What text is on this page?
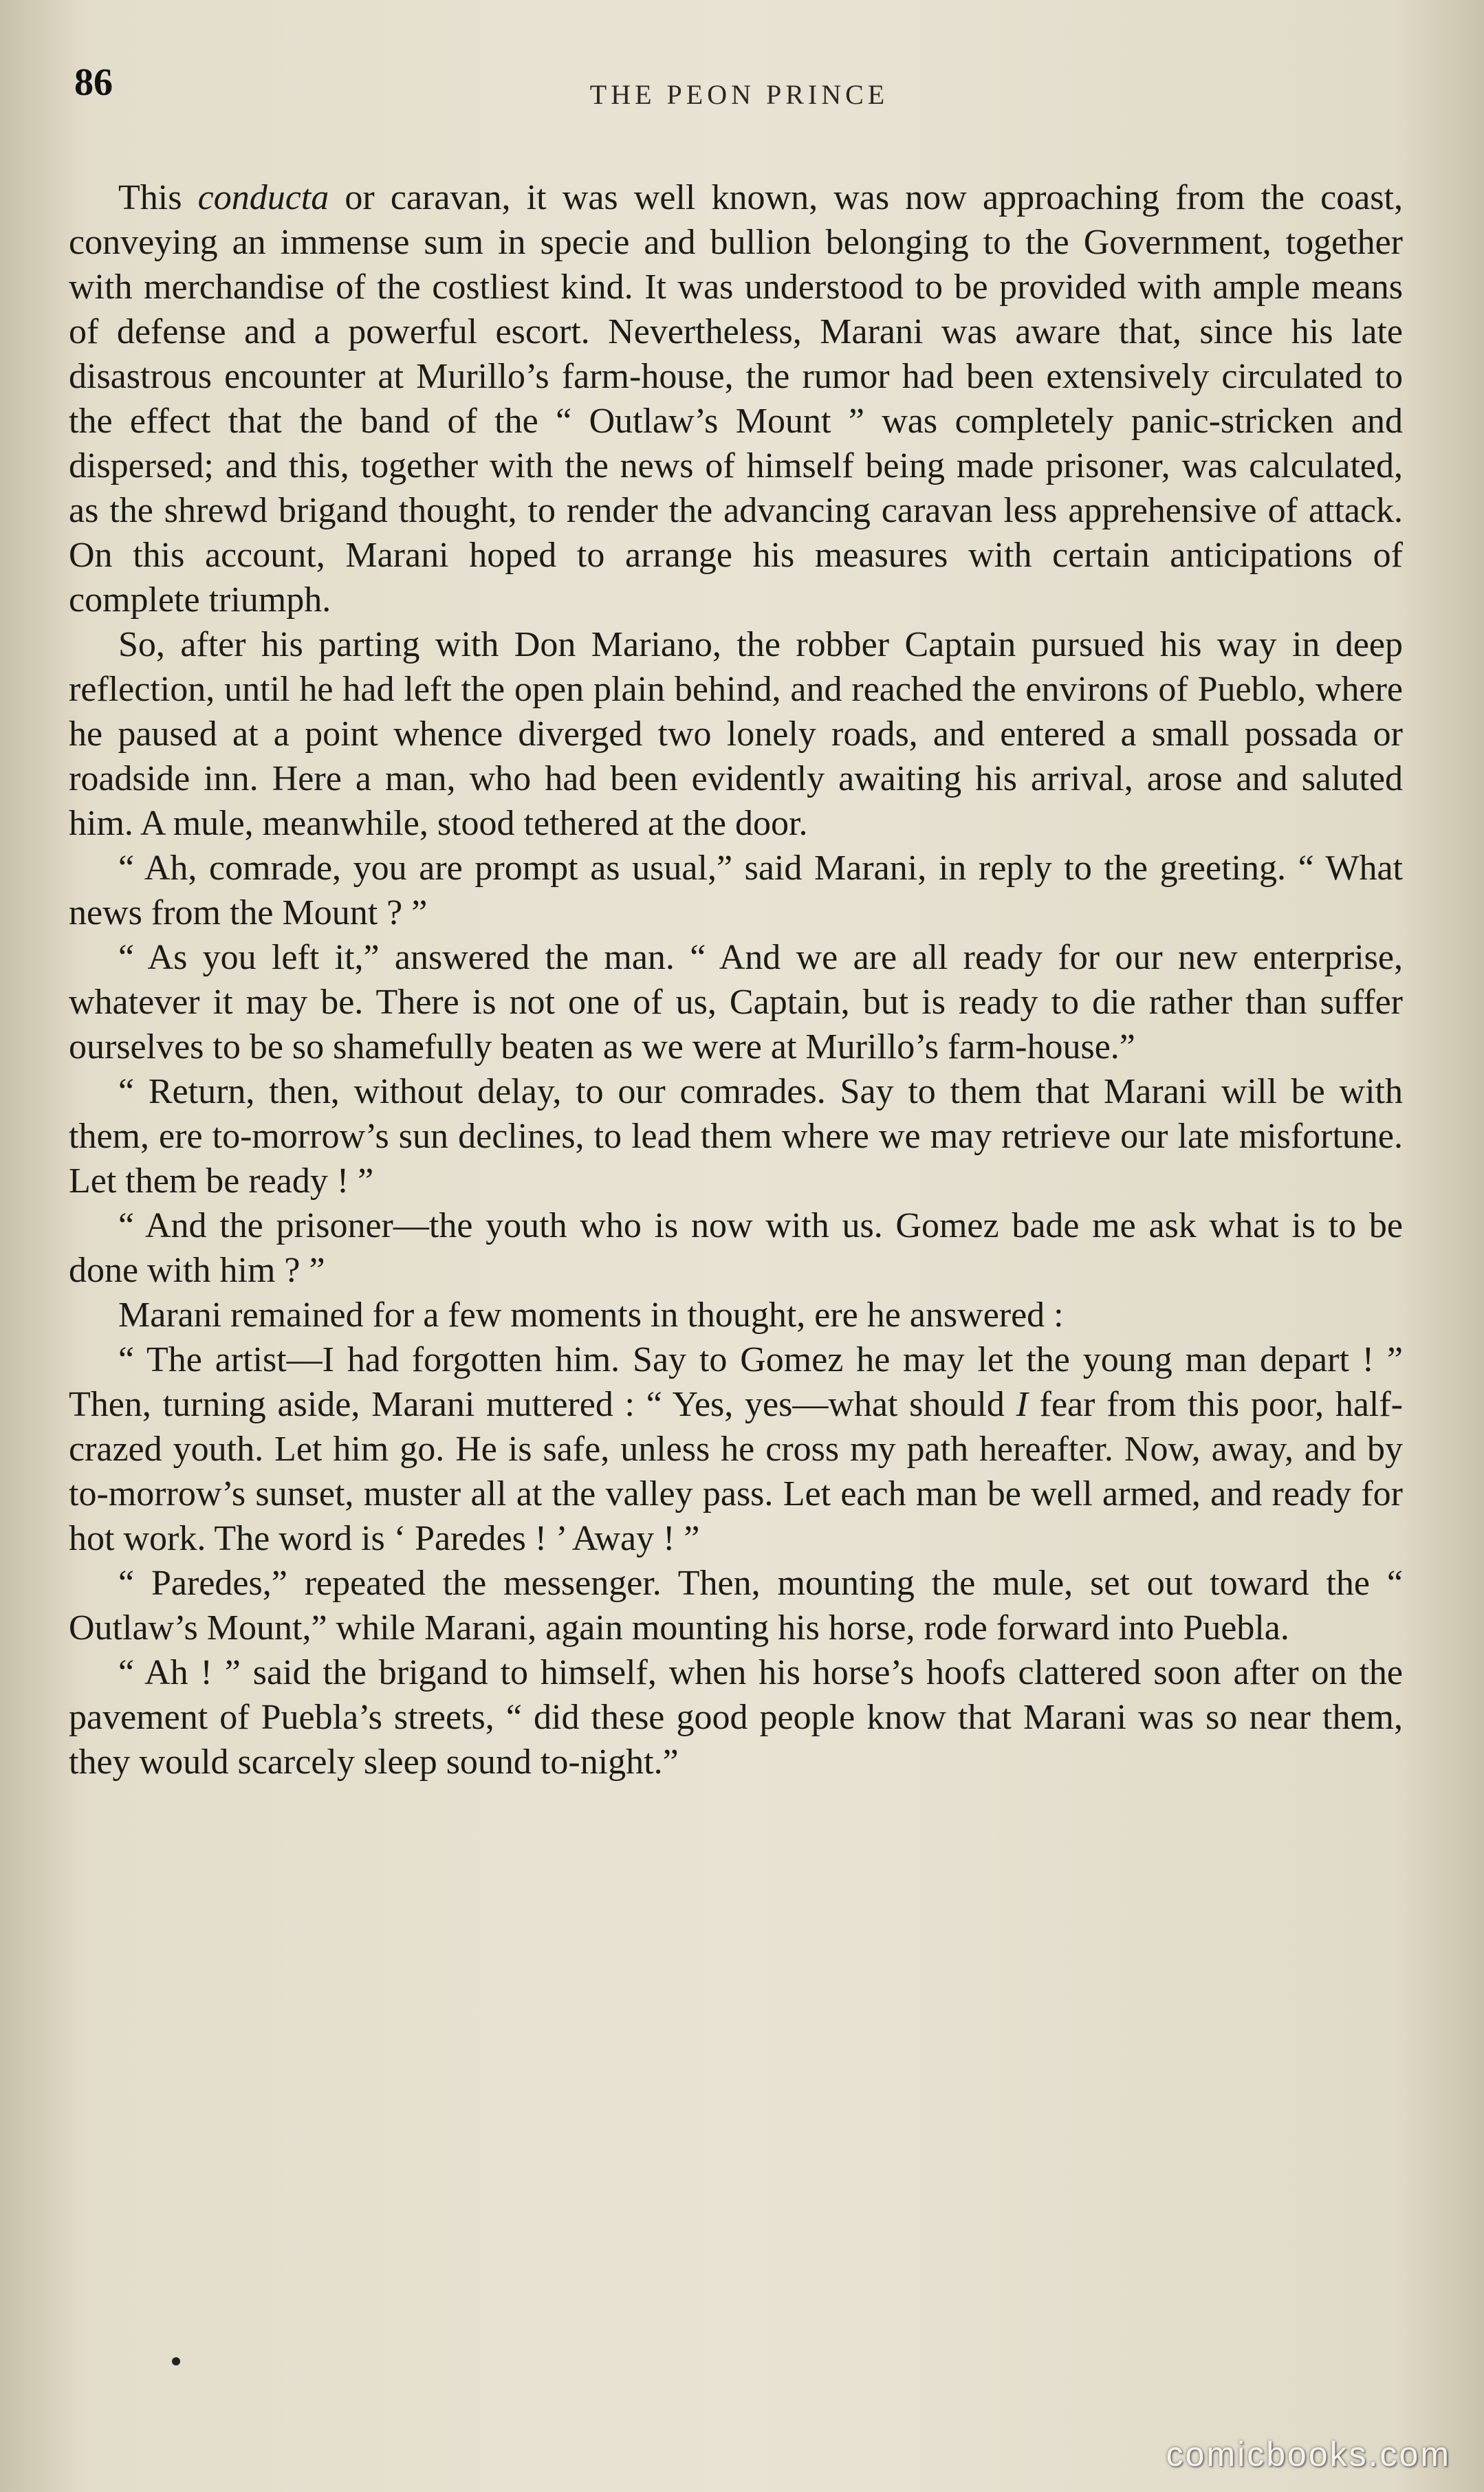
86	THE PEON PRINCE

This conducta or caravan, it was well known, was now approaching from the coast, conveying an immense sum in specie and bullion belonging to the Government, together with merchandise of the costliest kind. It was understood to be provided with ample means of defense and a powerful escort. Nevertheless, Marani was aware that, since his late disastrous encounter at Murillo’s farm-house, the rumor had been extensively circulated to the effect that the band of the “ Outlaw’s Mount ” was completely panic-stricken and dispersed; and this, together with the news of himself being made prisoner, was calculated, as the shrewd brigand thought, to render the advancing caravan less apprehensive of attack. On this account, Marani hoped to arrange his measures with certain anticipations of complete triumph.

So, after his parting with Don Mariano, the robber Captain pursued his way in deep reflection, until he had left the open plain behind, and reached the environs of Pueblo, where he paused at a point whence diverged two lonely roads, and entered a small possada or roadside inn. Here a man, who had been evidently awaiting his arrival, arose and saluted him. A mule, meanwhile, stood tethered at the door.

“ Ah, comrade, you are prompt as usual,” said Marani, in reply to the greeting. “ What news from the Mount ? ”

“ As you left it,” answered the man. “ And we are all ready for our new enterprise, whatever it may be. There is not one of us, Captain, but is ready to die rather than suffer ourselves to be so shamefully beaten as we were at Murillo’s farm-house.”

“ Return, then, without delay, to our comrades. Say to them that Marani will be with them, ere to-morrow’s sun declines, to lead them where we may retrieve our late misfortune. Let them be ready ! ”

“ And the prisoner—the youth who is now with us. Gomez bade me ask what is to be done with him ? ”

Marani remained for a few moments in thought, ere he answered :

“ The artist—I had forgotten him. Say to Gomez he may let the young man depart ! ” Then, turning aside, Marani muttered : “ Yes, yes—what should I fear from this poor, half-crazed youth. Let him go. He is safe, unless he cross my path hereafter. Now, away, and by to-morrow’s sunset, muster all at the valley pass. Let each man be well armed, and ready for hot work. The word is ‘ Paredes ! ’ Away ! ”

“ Paredes,” repeated the messenger. Then, mounting the mule, set out toward the “ Outlaw’s Mount,” while Marani, again mounting his horse, rode forward into Puebla.

“ Ah ! ” said the brigand to himself, when his horse’s hoofs clattered soon after on the pavement of Puebla’s streets, “ did these good people know that Marani was so near them, they would scarcely sleep sound to-night.”

comicbooks.com
